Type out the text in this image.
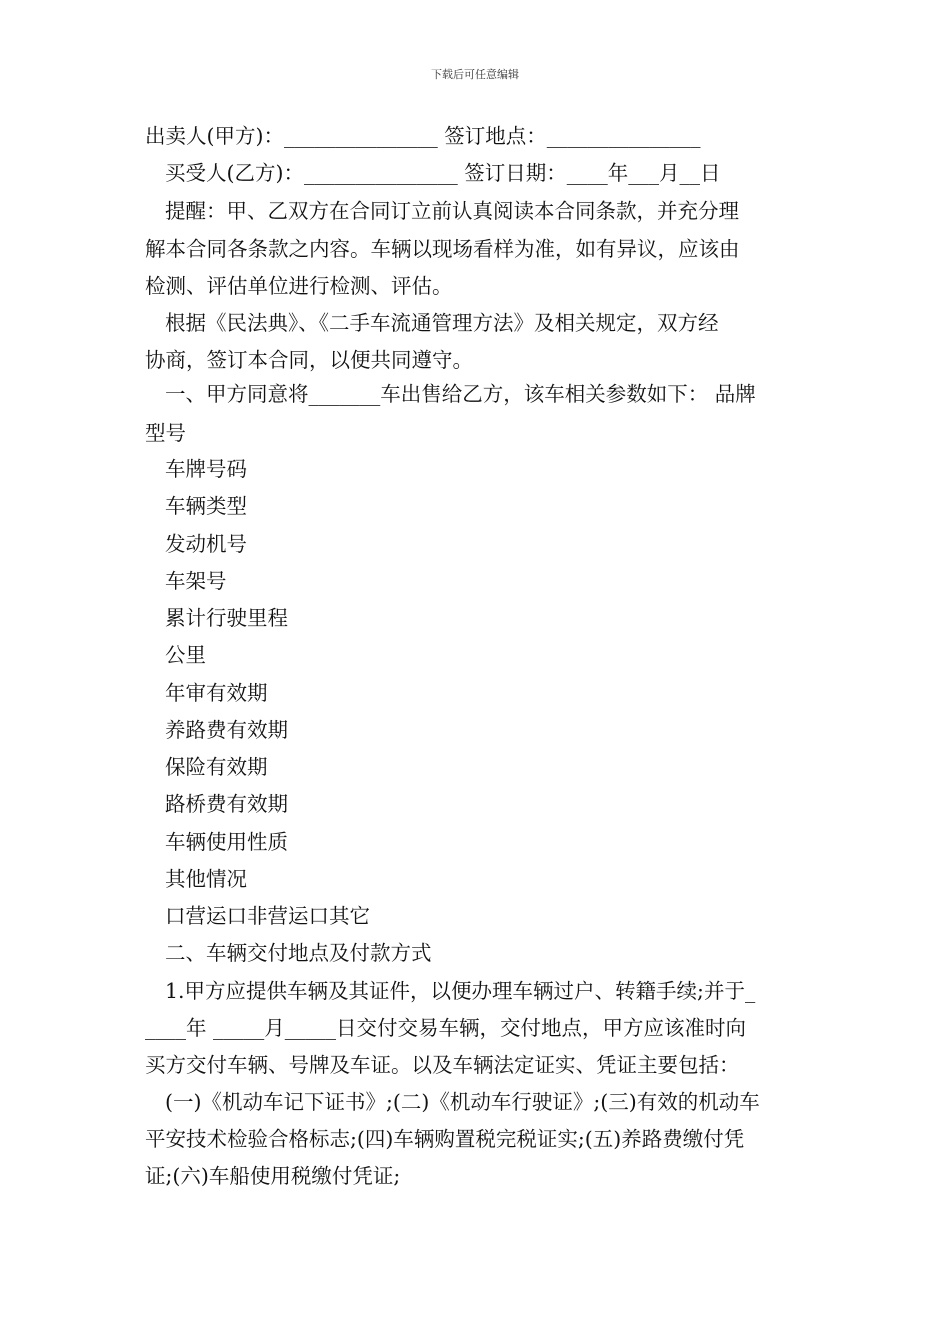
下载后可任意编辑
出卖人(甲方)：_______________ 签订地点：_______________
买受人(乙方)：_______________ 签订日期：____年___月__日
提醒：甲、乙双方在合同订立前认真阅读本合同条款，并充分理
解本合同各条款之内容。车辆以现场看样为准，如有异议，应该由
检测、评估单位进行检测、评估。
根据《民法典》、《二手车流通管理方法》及相关规定，双方经
协商，签订本合同，以便共同遵守。
一、甲方同意将_______车出售给乙方，该车相关参数如下： 品牌
型号
车牌号码
车辆类型
发动机号
车架号
累计行驶里程
公里
年审有效期
养路费有效期
保险有效期
路桥费有效期
车辆使用性质
其他情况
口营运口非营运口其它
二、车辆交付地点及付款方式
1.甲方应提供车辆及其证件，以便办理车辆过户、转籍手续;并于_
____年 _____月_____日交付交易车辆，交付地点，甲方应该准时向
买方交付车辆、号牌及车证。以及车辆法定证实、凭证主要包括：
(一)《机动车记下证书》;(二)《机动车行驶证》;(三)有效的机动车
平安技术检验合格标志;(四)车辆购置税完税证实;(五)养路费缴付凭
证;(六)车船使用税缴付凭证;
